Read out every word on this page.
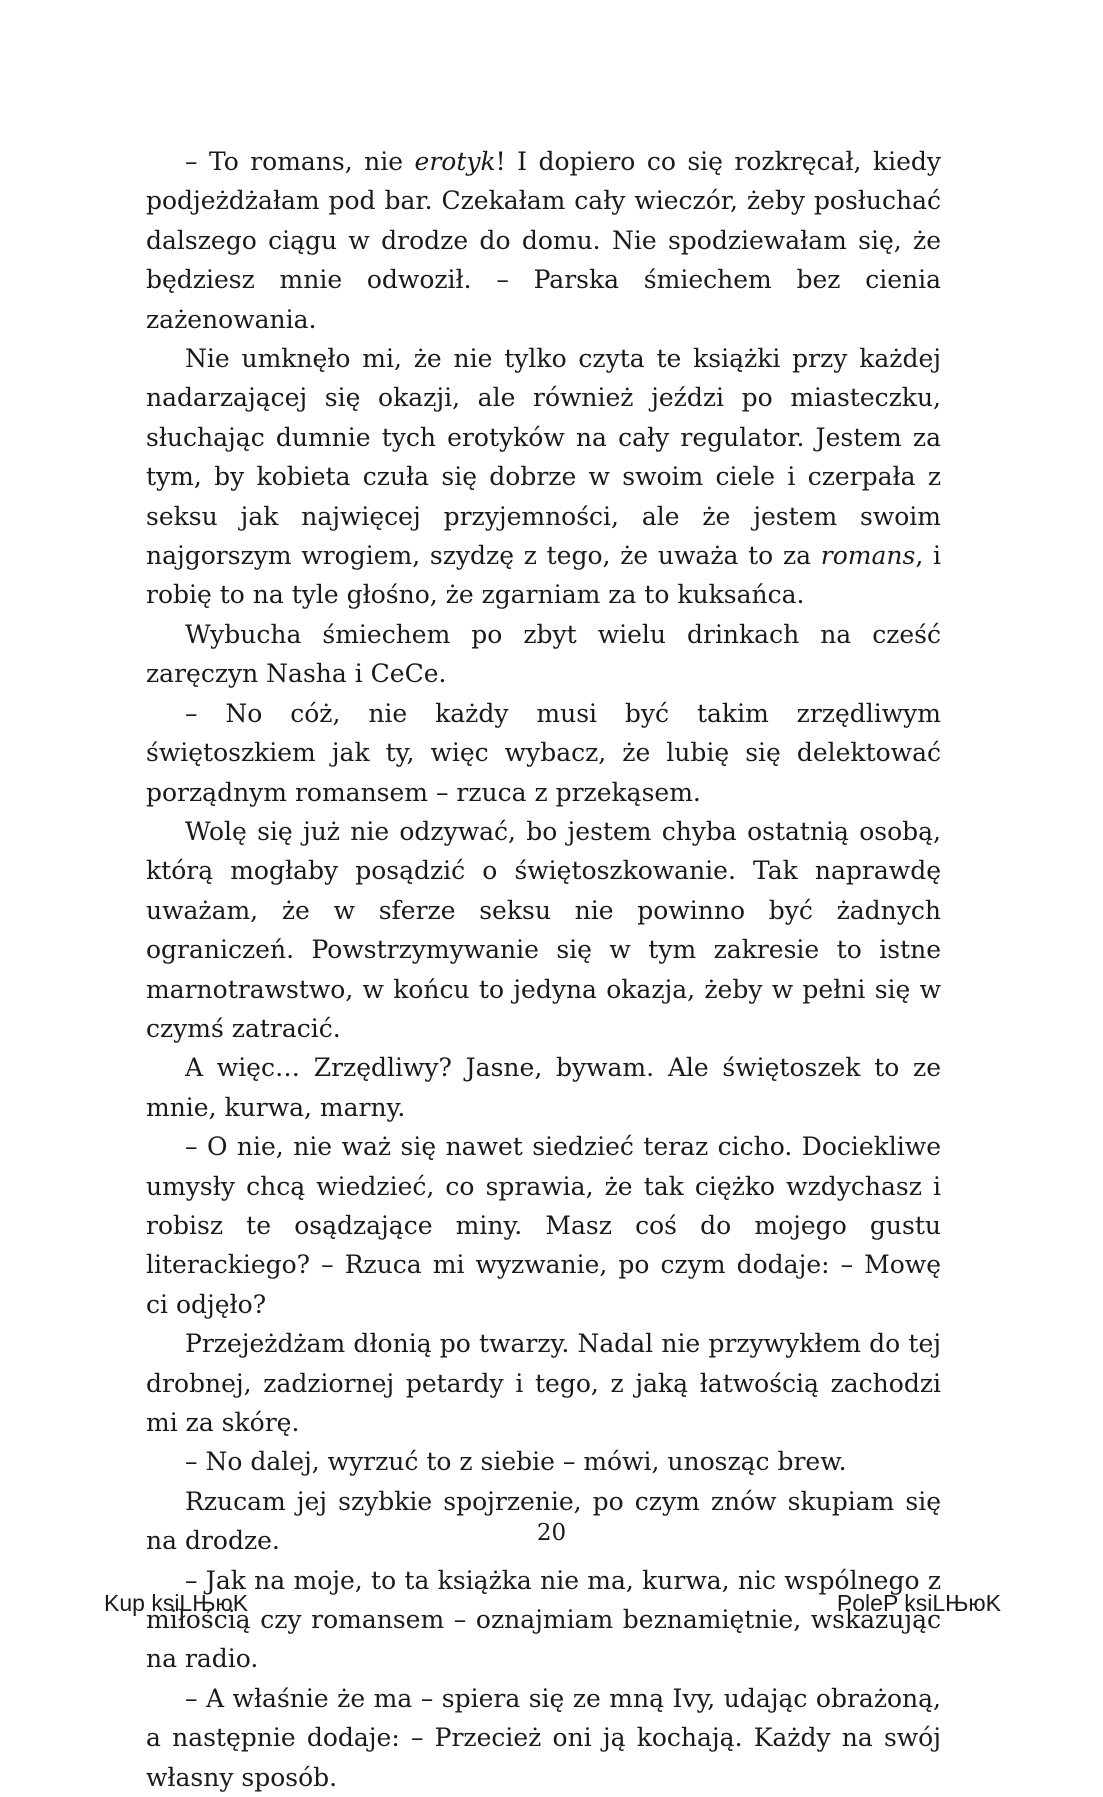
– To romans, nie erotyk! I dopiero co się rozkręcał, kiedy podjeżdżałam pod bar. Czekałam cały wieczór, żeby posłuchać dalszego ciągu w drodze do domu. Nie spodziewałam się, że będziesz mnie odwoził. – Parska śmiechem bez cienia zażenowania.

Nie umknęło mi, że nie tylko czyta te książki przy każdej nadarzającej się okazji, ale również jeździ po miasteczku, słuchając dumnie tych erotyków na cały regulator. Jestem za tym, by kobieta czuła się dobrze w swoim ciele i czerpała z seksu jak najwięcej przyjemności, ale że jestem swoim najgorszym wrogiem, szydzę z tego, że uważa to za romans, i robię to na tyle głośno, że zgarniam za to kuksańca.

Wybucha śmiechem po zbyt wielu drinkach na cześć zaręczyn Nasha i CeCe.

– No cóż, nie każdy musi być takim zrzędliwym świętoszkiem jak ty, więc wybacz, że lubię się delektować porządnym romansem – rzuca z przekąsem.

Wolę się już nie odzywać, bo jestem chyba ostatnią osobą, którą mogłaby posądzić o świętoszkowanie. Tak naprawdę uważam, że w sferze seksu nie powinno być żadnych ograniczeń. Powstrzymywanie się w tym zakresie to istne marnotrawstwo, w końcu to jedyna okazja, żeby w pełni się w czymś zatracić.

A więc… Zrzędliwy? Jasne, bywam. Ale świętoszek to ze mnie, kurwa, marny.

– O nie, nie waż się nawet siedzieć teraz cicho. Dociekliwe umysły chcą wiedzieć, co sprawia, że tak ciężko wzdychasz i robisz te osądzające miny. Masz coś do mojego gustu literackiego? – Rzuca mi wyzwanie, po czym dodaje: – Mowę ci odjęło?

Przejeżdżam dłonią po twarzy. Nadal nie przywykłem do tej drobnej, zadziornej petardy i tego, z jaką łatwością zachodzi mi za skórę.

– No dalej, wyrzuć to z siebie – mówi, unosząc brew.

Rzucam jej szybkie spojrzenie, po czym znów skupiam się na drodze.

– Jak na moje, to ta książka nie ma, kurwa, nic wspólnego z miłością czy romansem – oznajmiam beznamiętnie, wskazując na radio.

– A właśnie że ma – spiera się ze mną Ivy, udając obrażoną, a następnie dodaje: – Przecież oni ją kochają. Każdy na swój własny sposób.

20
Kup ksiLЊюK	PoleP ksiLЊюK
